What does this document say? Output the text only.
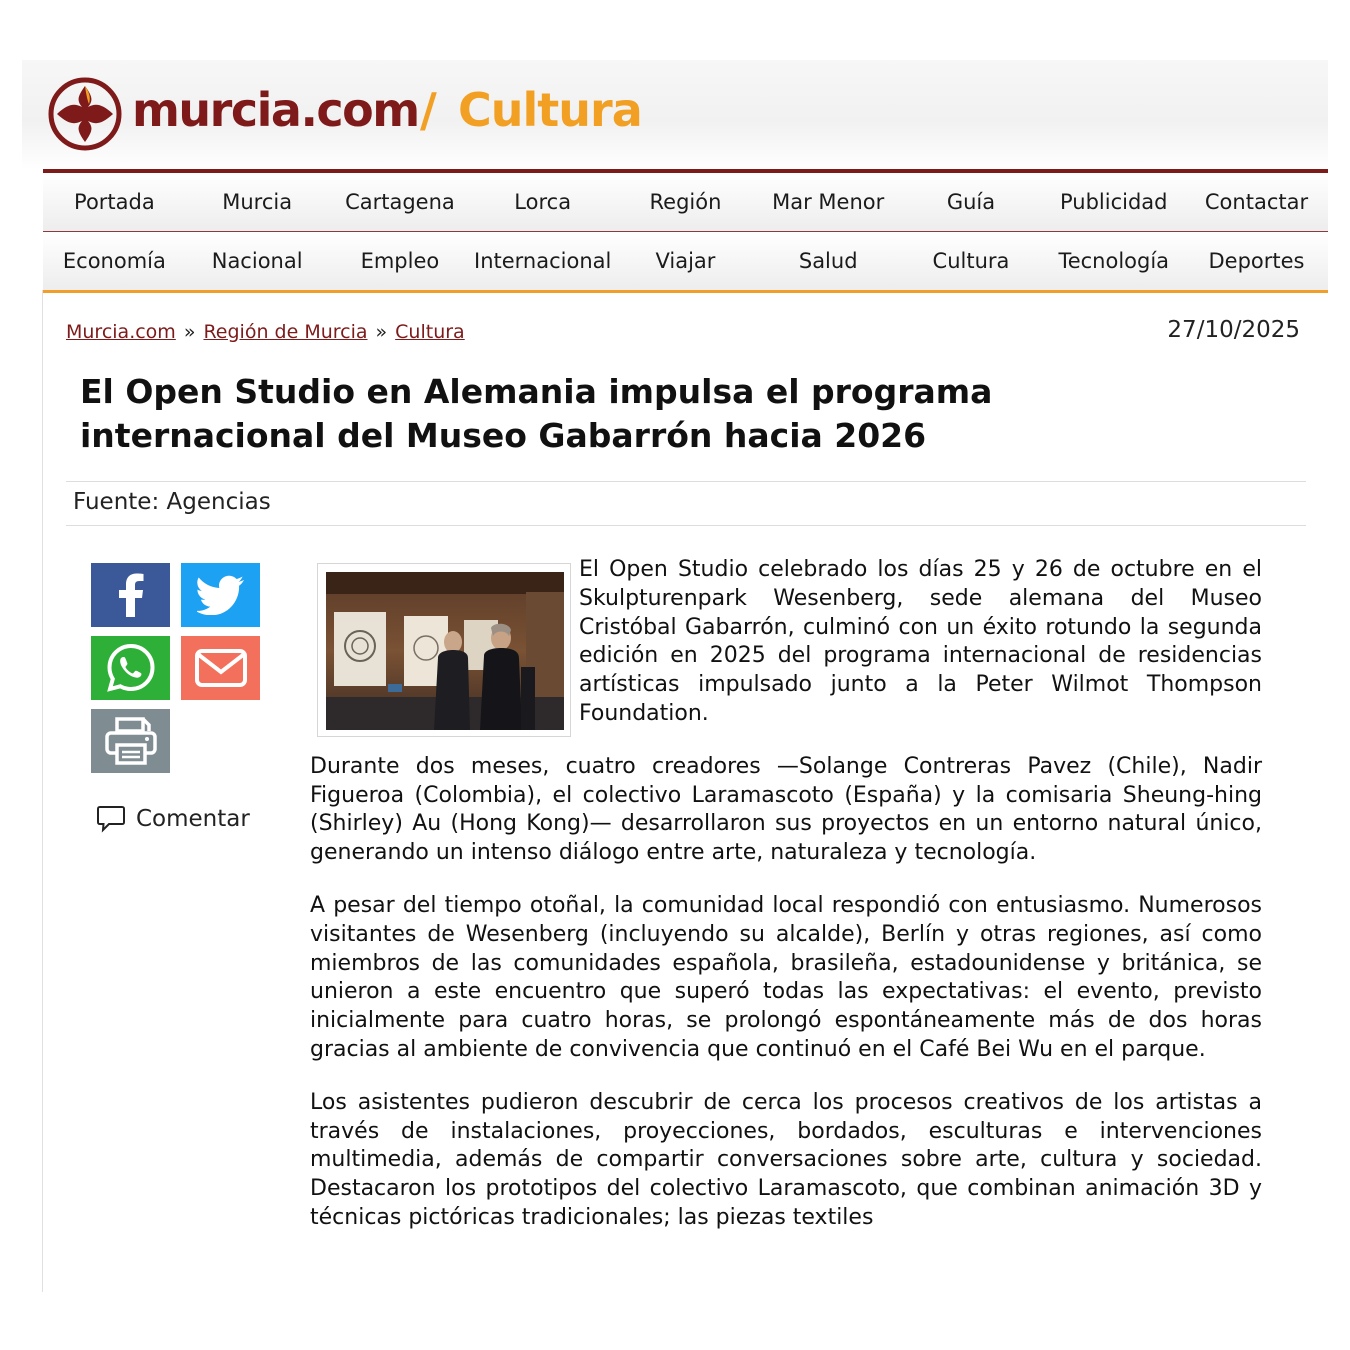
murcia.com / Cultura
Portada	Murcia	Cartagena	Lorca	Región	Mar Menor	Guía	Publicidad	Contactar
Economía	Nacional	Empleo	Internacional	Viajar	Salud	Cultura	Tecnología	Deportes
Murcia.com » Región de Murcia » Cultura	27/10/2025
El Open Studio en Alemania impulsa el programa internacional del Museo Gabarrón hacia 2026
Fuente: Agencias
Comentar

El Open Studio celebrado los días 25 y 26 de octubre en el Skulpturenpark Wesenberg, sede alemana del Museo Cristóbal Gabarrón, culminó con un éxito rotundo la segunda edición en 2025 del programa internacional de residencias artísticas impulsado junto a la Peter Wilmot Thompson Foundation.

Durante dos meses, cuatro creadores —Solange Contreras Pavez (Chile), Nadir Figueroa (Colombia), el colectivo Laramascoto (España) y la comisaria Sheung-hing (Shirley) Au (Hong Kong)— desarrollaron sus proyectos en un entorno natural único, generando un intenso diálogo entre arte, naturaleza y tecnología.

A pesar del tiempo otoñal, la comunidad local respondió con entusiasmo. Numerosos visitantes de Wesenberg (incluyendo su alcalde), Berlín y otras regiones, así como miembros de las comunidades española, brasileña, estadounidense y británica, se unieron a este encuentro que superó todas las expectativas: el evento, previsto inicialmente para cuatro horas, se prolongó espontáneamente más de dos horas gracias al ambiente de convivencia que continuó en el Café Bei Wu en el parque.

Los asistentes pudieron descubrir de cerca los procesos creativos de los artistas a través de instalaciones, proyecciones, bordados, esculturas e intervenciones multimedia, además de compartir conversaciones sobre arte, cultura y sociedad. Destacaron los prototipos del colectivo Laramascoto, que combinan animación 3D y técnicas pictóricas tradicionales; las piezas textiles
